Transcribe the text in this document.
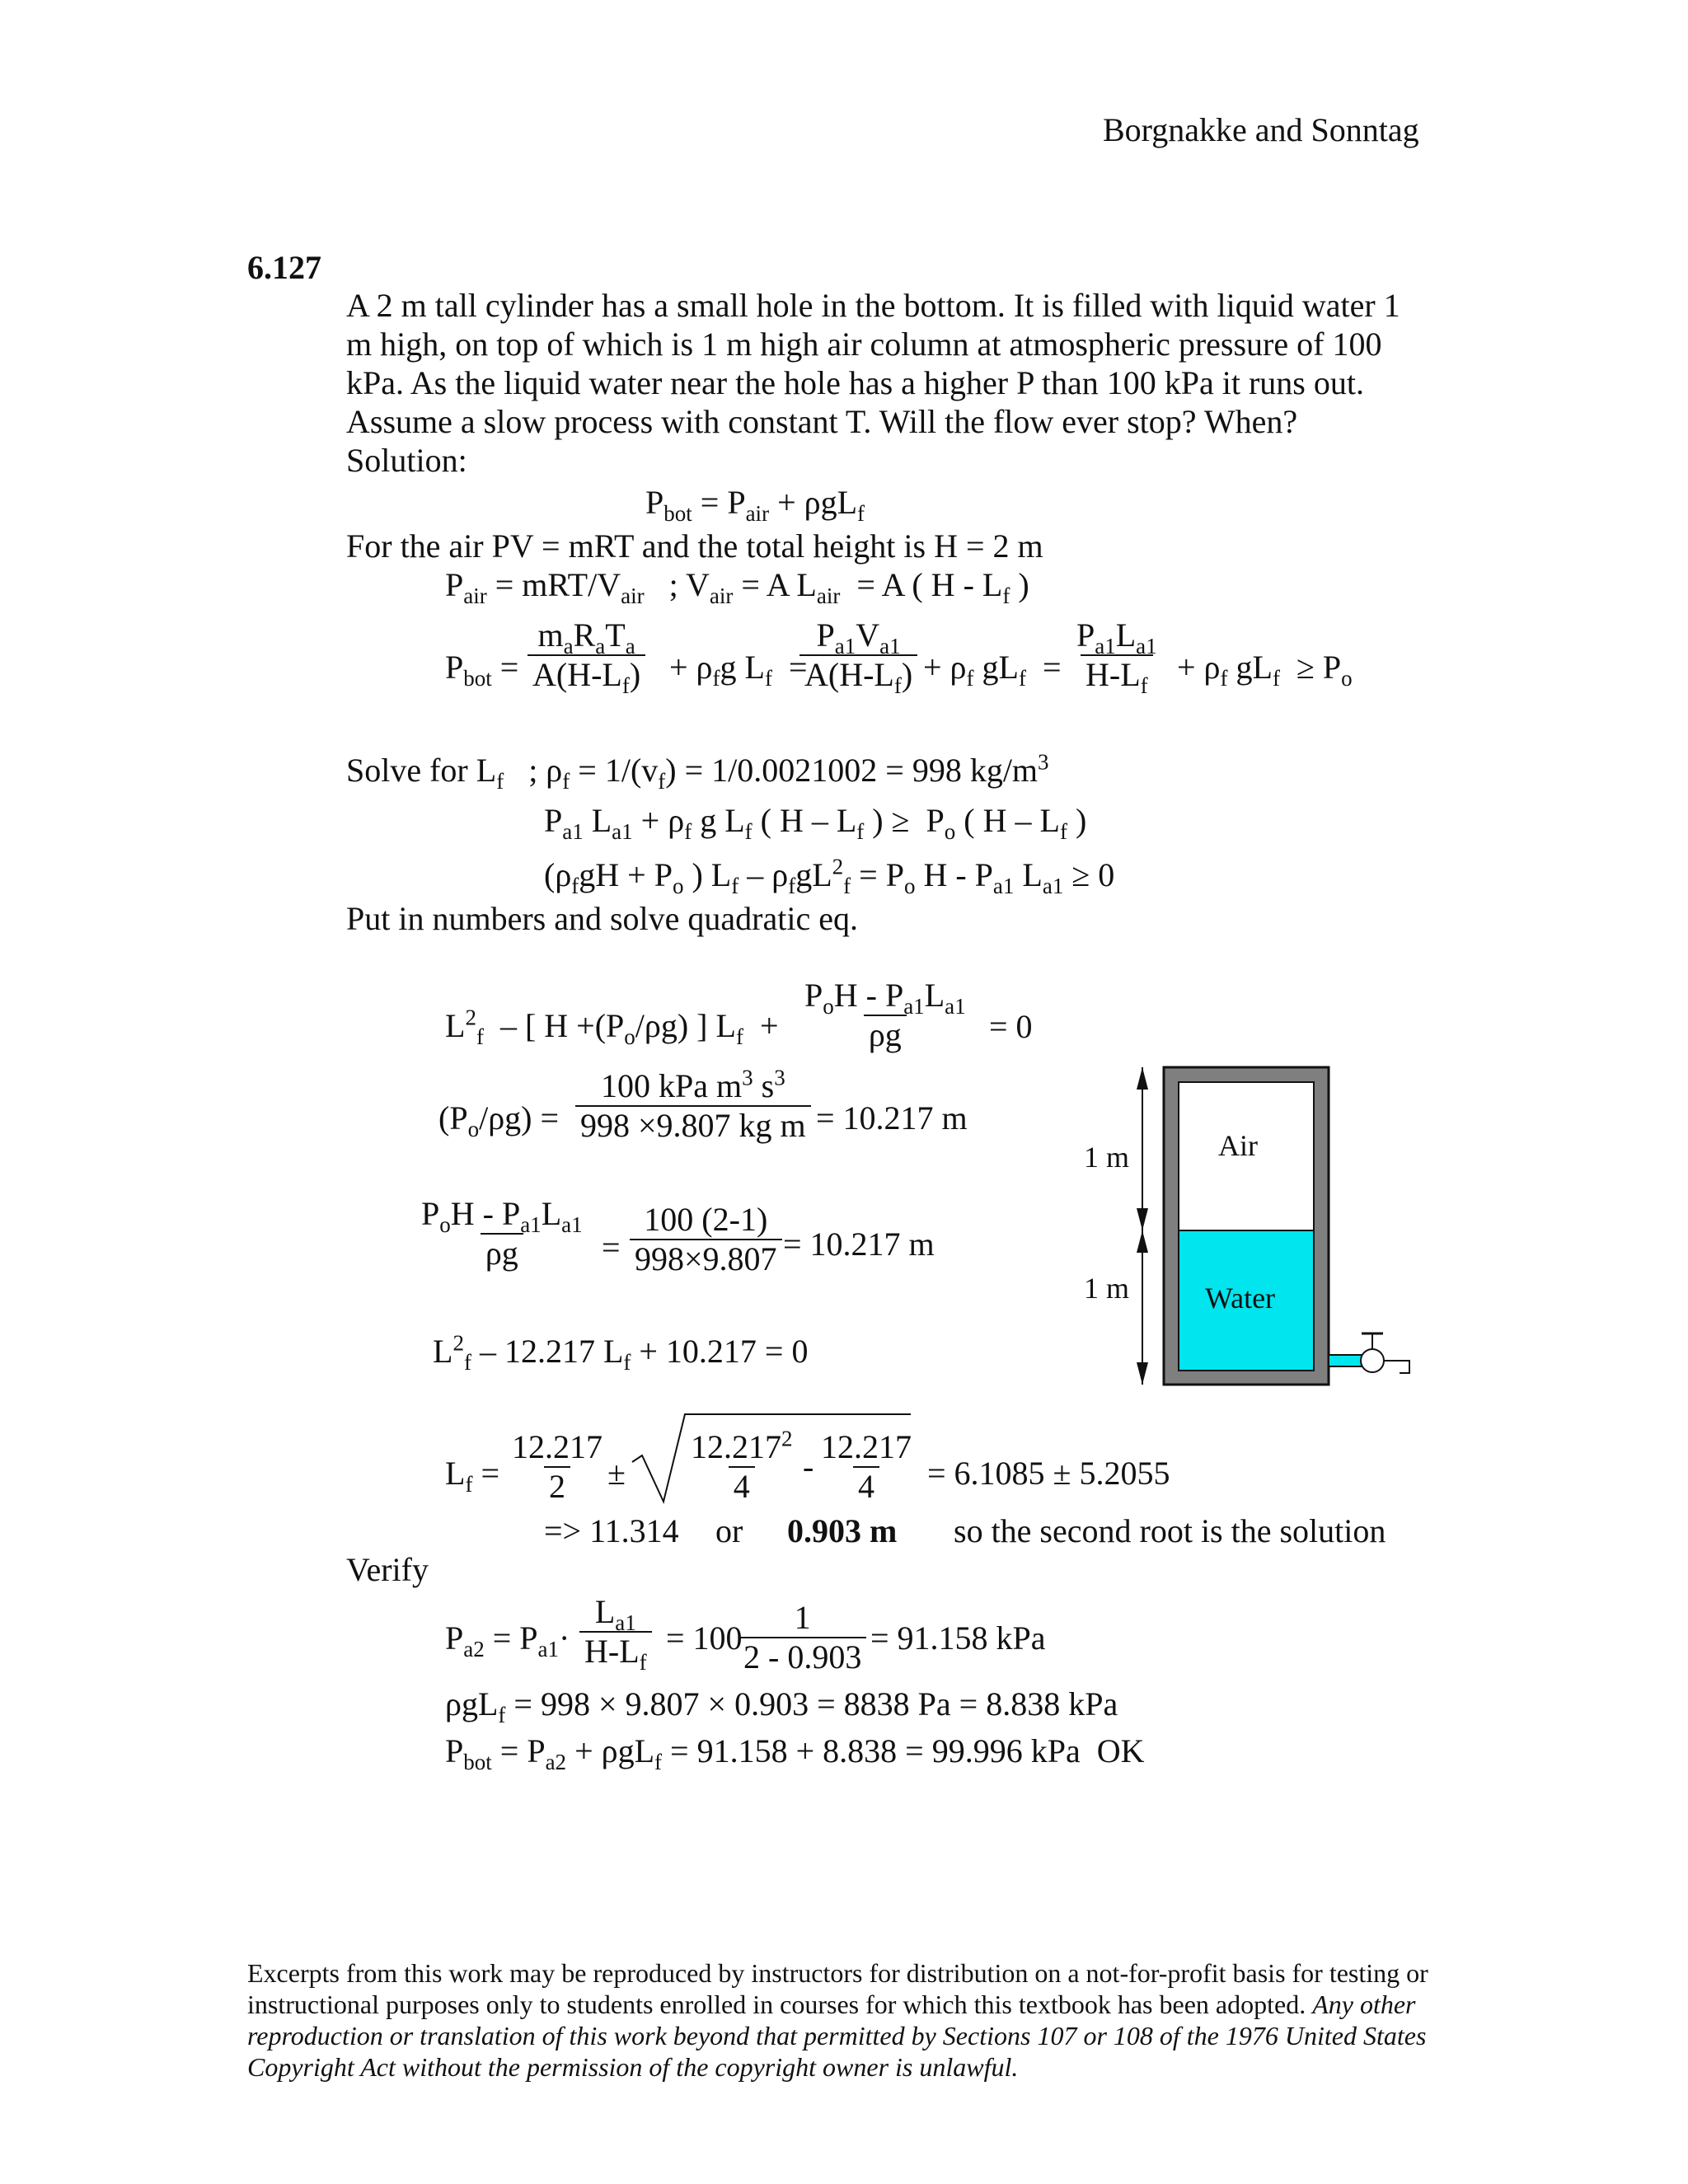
Borgnakke and Sonntag
6.127
A 2 m tall cylinder has a small hole in the bottom. It is filled with liquid water 1
m high, on top of which is 1 m high air column at atmospheric pressure of 100
kPa. As the liquid water near the hole has a higher P than 100 kPa it runs out.
Assume a slow process with constant T. Will the flow ever stop? When?
Solution:
$P_{bot} = P_{air} + \rho gL_f$
For the air PV = mRT and the total height is H = 2 m
$P_{air} = mRT/V_{air}$   ; $V_{air} = A$ $L_{air} = A$ ( H - $L_f$ )
$P_{bot}$ =
$m_aR_aT_a$
$A(H-L_f) + \rho_fg$ $L_f$  =
$\frac{P_{a1}V_{a1}}{A(H-L_f)} + \rho_f$ $gL_f = \frac{P_{a1}L_{a1}}{H-L_f} + \rho_f$ $gL_f \ge P_o$
Solve for $L_f$   ; $\rho_f = 1/(v_f) = 1/0.0021002 = 998$ $kg/m^3$
$P_{a1}$ $L_{a1} + \rho_f$ g $L_f$ ( H – $L_f$ ) ≥  $P_o$ ( H – $L_f$ )
($\rho_fgH + P_o$ ) $L_f - \rho_fgL^2_f = P_o$ H - $P_{a1}$ $L_{a1} \ge 0$
Put in numbers and solve quadratic eq.
$L^2_f$  – [ $H +(P_o/\rho g)$ ] $L_f$  +
$P_oH - P_{a1}L_{a1}$
ρg	= 0
$(P_o/\rho g)$ =
100 kPa $m^3$ $s^3$
998 ×9.807 kg m = 10.217 m
$P_oH - P_{a1}L_{a1}$
ρg	= $\frac{100 (2-1)}{998\times 9.807} = 10.217$ m
$L^2_f - 12.217$ $L_f + 10.217 = 0$
$L_f = \frac{12.217}{2} \pm \frac{12.217^2}{4} - \frac{12.217}{4} = 6.1085 \pm 5.2055$
=> 11.314 or 0.903 m so the second root is the solution
Verify
$P_{a2} = P_{a1}\cdot \frac{L_{a1}}{H-L_f} = 100$
$\frac{1}{2 - 0.903} = 91.158$ kPa
ρgL$_f$ = 998 × 9.807 × 0.903 = 8838 Pa = 8.838 kPa
$P_{bot} = P_{a2} + \rho gL_f = 91.158 + 8.838 = 99.996$ kPa OK
Air
Water
1 m
1 m
Excerpts from this work may be reproduced by instructors for distribution on a not-for-profit basis for testing or instructional purposes only to students enrolled in courses for which this textbook has been adopted. Any other reproduction or translation of this work beyond that permitted by Sections 107 or 108 of the 1976 United States Copyright Act without the permission of the copyright owner is unlawful.
